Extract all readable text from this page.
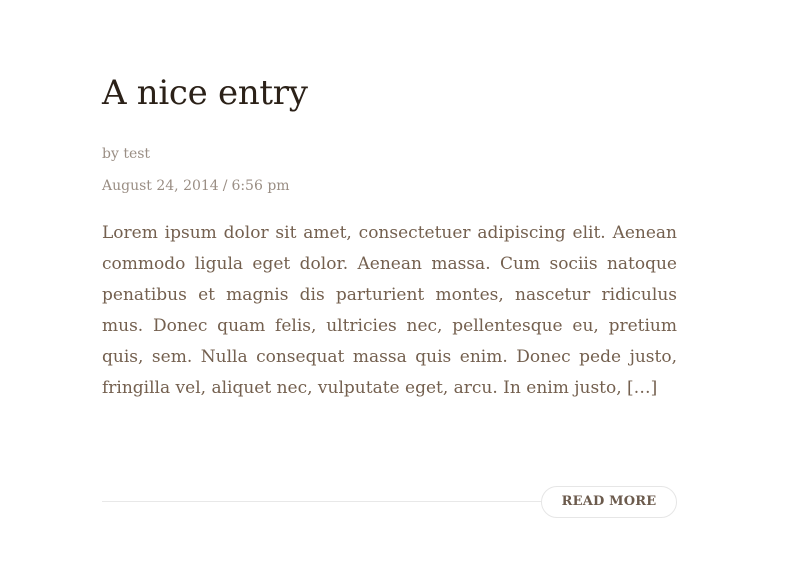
A nice entry
by test
August 24, 2014 / 6:56 pm

Lorem ipsum dolor sit amet, consectetuer adipiscing elit. Aenean commodo ligula eget dolor. Aenean massa. Cum sociis natoque penatibus et magnis dis parturient montes, nascetur ridiculus mus. Donec quam felis, ultricies nec, pellentesque eu, pretium quis, sem. Nulla consequat massa quis enim. Donec pede justo, fringilla vel, aliquet nec, vulputate eget, arcu. In enim justo, […]

READ MORE
